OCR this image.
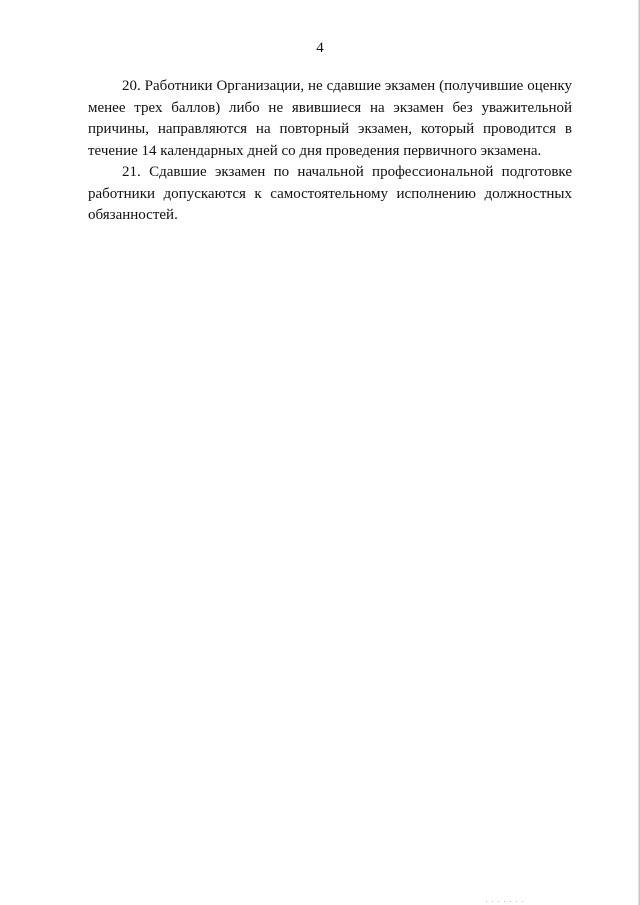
4

20. Работники Организации, не сдавшие экзамен (получившие оценку менее трех баллов) либо не явившиеся на экзамен без уважительной причины, направляются на повторный экзамен, который проводится в течение 14 календарных дней со дня проведения первичного экзамена.

21. Сдавшие экзамен по начальной профессиональной подготовке работники допускаются к самостоятельному исполнению должностных обязанностей.
